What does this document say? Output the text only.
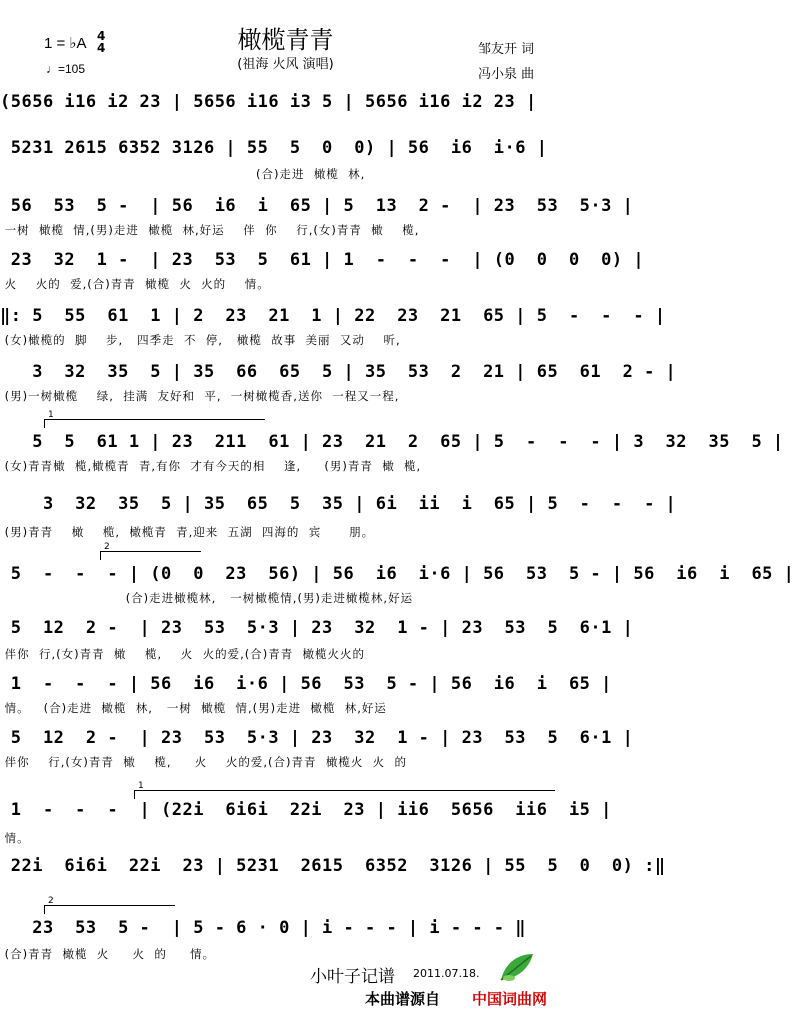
橄榄青青
(祖海 火风 演唱)
1 = ♭A 4
4
♩=105
邹友开 词
冯小泉 曲
(5656 i16 i2 23 | 5656 i16 i3 5 | 5656 i16 i2 23 |
5231 2615 6352 3126 | 55  5  0  0) | 56  i6  i·6 |
(合)走进  橄榄  林,
56  53  5 -  | 56  i6  i  65 | 5  13  2 -  | 23  53  5·3 |
一树  橄榄  情,(男)走进  橄榄  林,好运    伴  你    行,(女)青青  橄    榄,
23  32  1 -  | 23  53  5  61 | 1  -  -  -  | (0  0  0  0) |
火    火的  爱,(合)青青  橄榄  火  火的    情。
‖: 5  55  61  1 | 2  23  21  1 | 22  23  21  65 | 5  -  -  - |
(女)橄榄的  脚    步,   四季走  不  停,   橄榄  故事  美丽  又动    听,
3  32  35  5 | 35  66  65  5 | 35  53  2  21 | 65  61  2 - |
(男)一树橄榄    绿,  挂满  友好和  平,  一树橄榄香,送你  一程又一程,
1
5  5  61 1 | 23  211  61 | 23  21  2  65 | 5  -  -  - | 3  32  35  5 |
(女)青青橄  榄,橄榄青  青,有你  才有今天的相    逢,     (男)青青  橄  榄,
3  32  35  5 | 35  65  5  35 | 6i  ii  i  65 | 5  -  -  - |
(男)青青    橄    榄,  橄榄青  青,迎来  五湖  四海的  宾      朋。
2
5  -  -  - | (0  0  23  56) | 56  i6  i·6 | 56  53  5 - | 56  i6  i  65 |
(合)走进橄榄林,   一树橄榄情,(男)走进橄榄林,好运
5  12  2 -  | 23  53  5·3 | 23  32  1 - | 23  53  5  6·1 |
伴你  行,(女)青青  橄    榄,    火  火的爱,(合)青青  橄榄火火的
1  -  -  - | 56  i6  i·6 | 56  53  5 - | 56  i6  i  65 |
情。   (合)走进  橄榄  林,   一树  橄榄  情,(男)走进  橄榄  林,好运
5  12  2 -  | 23  53  5·3 | 23  32  1 - | 23  53  5  6·1 |
伴你    行,(女)青青  橄    榄,     火    火的爱,(合)青青  橄榄火  火  的
1
1  -  -  -  | (22i  6i6i  22i  23 | ii6  5656  ii6  i5 |
情。
22i  6i6i  22i  23 | 5231  2615  6352  3126 | 55  5  0  0) :‖
2
23  53  5 -  | 5 - 6 · 0 | i - - - | i - - - ‖
(合)青青  橄榄  火     火  的     情。
小叶子记谱 2011.07.18.
本曲谱源自 中国词曲网
